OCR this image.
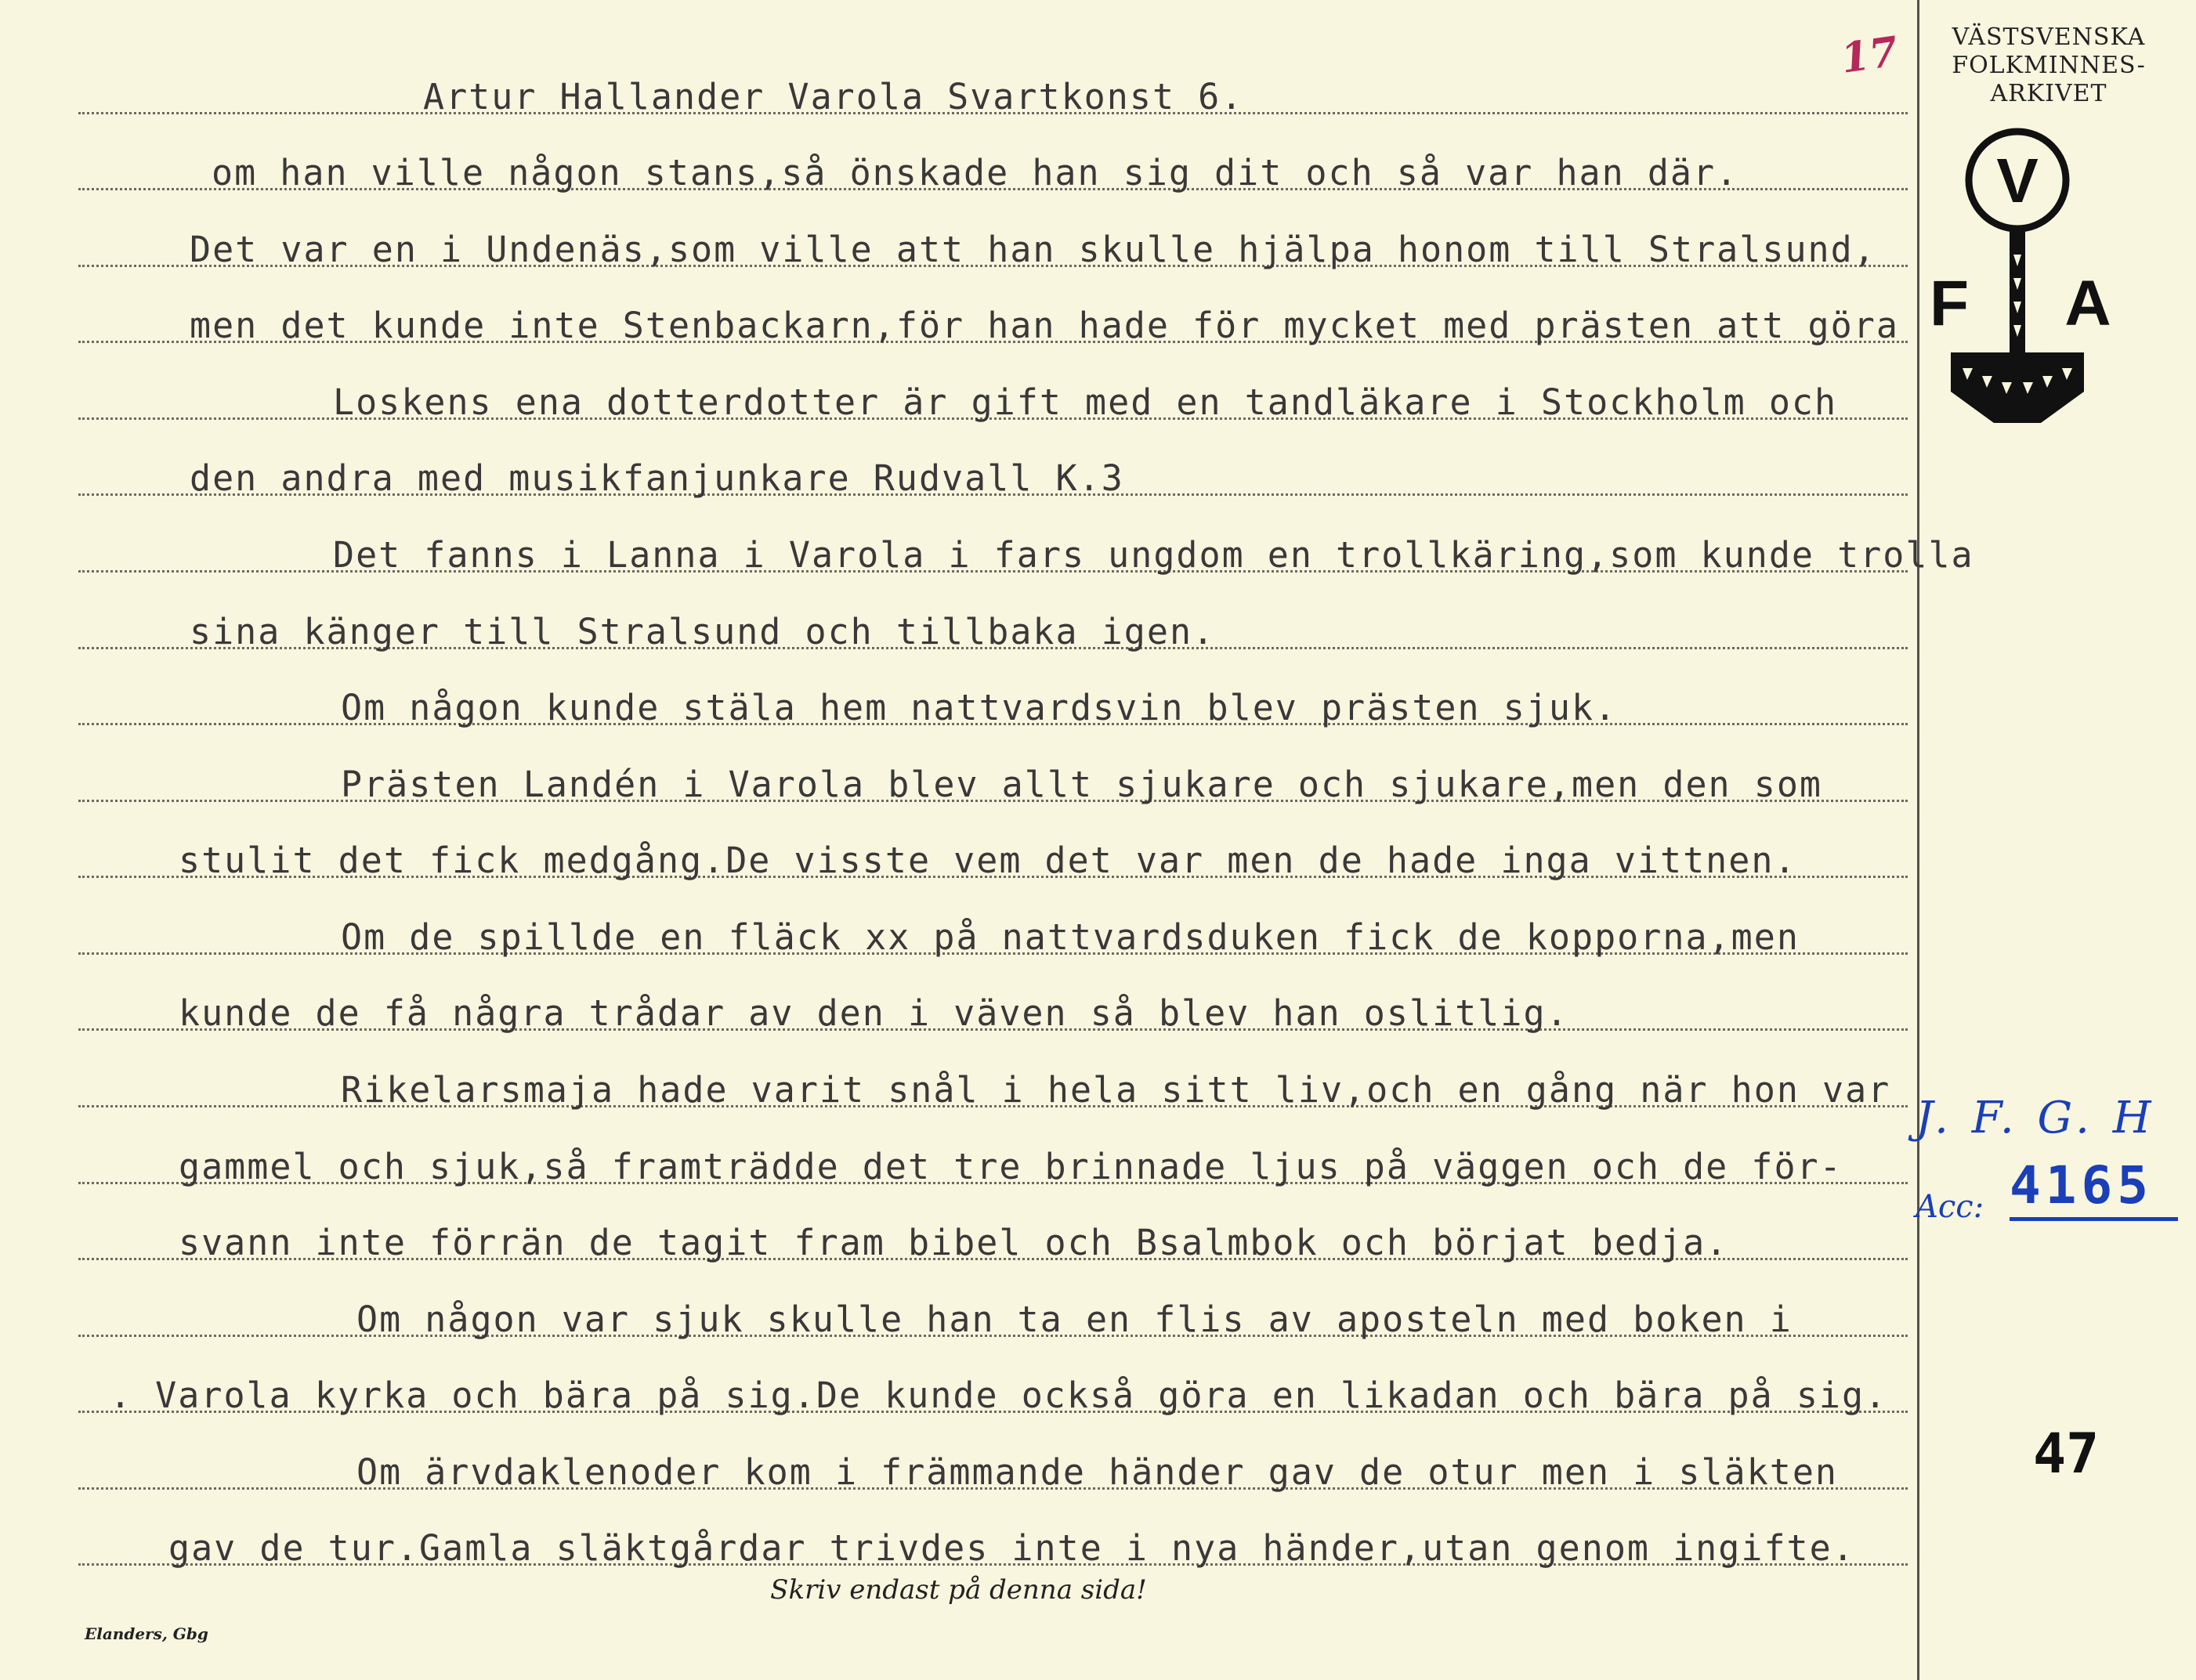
Artur Hallander Varola Svartkonst 6.
om han ville någon stans,så önskade han sig dit och så var han där.
Det var en i Undenäs,som ville att han skulle hjälpa honom till Stralsund,
men det kunde inte Stenbackarn,för han hade för mycket med prästen att göra
Loskens ena dotterdotter är gift med en tandläkare i Stockholm och
den andra med musikfanjunkare Rudvall K.3
Det fanns i Lanna i Varola i fars ungdom en trollkäring,som kunde trolla
sina känger till Stralsund och tillbaka igen.
Om någon kunde stäla hem nattvardsvin blev prästen sjuk.
Prästen Landén i Varola blev allt sjukare och sjukare,men den som
stulit det fick medgång.De visste vem det var men de hade inga vittnen.
Om de spillde en fläck xx på nattvardsduken fick de kopporna,men
kunde de få några trådar av den i väven så blev han oslitlig.
Rikelarsmaja hade varit snål i hela sitt liv,och en gång när hon var
gammel och sjuk,så framträdde det tre brinnade ljus på väggen och de för-
svann inte förrän de tagit fram bibel och Bsalmbok och börjat bedja.
Om någon var sjuk skulle han ta en flis av aposteln med boken i
. Varola kyrka och bära på sig.De kunde också göra en likadan och bära på sig.
Om ärvdaklenoder kom i främmande händer gav de otur men i släkten
gav de tur.Gamla släktgårdar trivdes inte i nya händer,utan genom ingifte.
17	VÄSTSVENSKA
FOLKMINNES-
ARKIVET
V
F A
J. F. G. H
Acc: 4165
47
Skriv endast på denna sida!
Elanders, Gbg
